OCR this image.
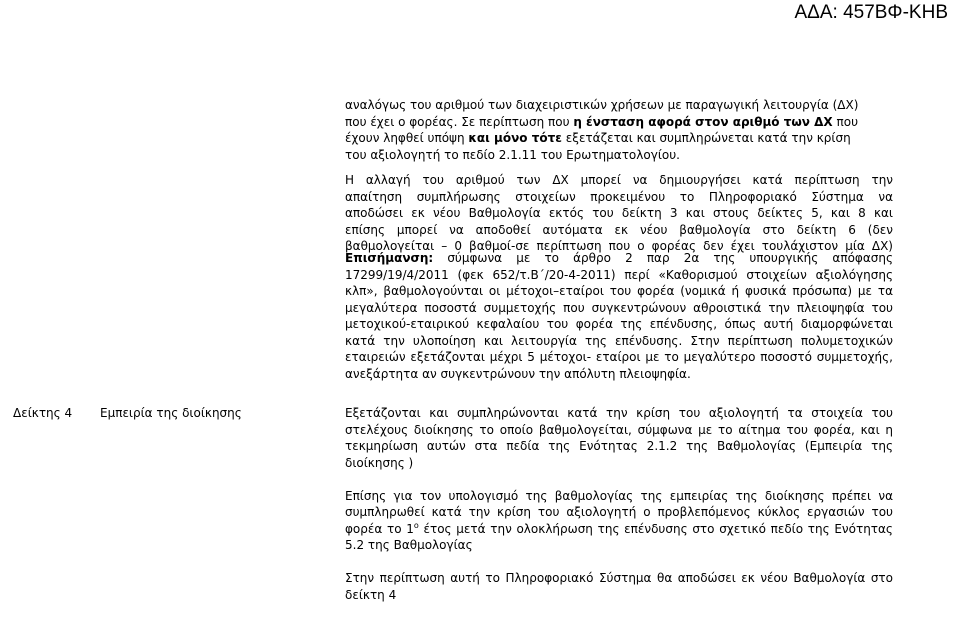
ΑΔΑ: 457ΒΦ-ΚΗΒ
αναλόγως του αριθμού των διαχειριστικών χρήσεων με παραγωγική λειτουργία (ΔΧ)
που έχει ο φορέας. Σε περίπτωση που η ένσταση αφορά στον αριθμό των ΔΧ που
έχουν ληφθεί υπόψη και μόνο τότε εξετάζεται και συμπληρώνεται κατά την κρίση
του αξιολογητή το πεδίο 2.1.11 του Ερωτηματολογίου.
Η αλλαγή του αριθμού των ΔΧ μπορεί να δημιουργήσει κατά περίπτωση την
απαίτηση συμπλήρωσης στοιχείων προκειμένου το Πληροφοριακό Σύστημα να
αποδώσει εκ νέου Βαθμολογία εκτός του δείκτη 3 και στους δείκτες 5, και 8 και
επίσης μπορεί να αποδοθεί αυτόματα εκ νέου βαθμολογία στο δείκτη 6 (δεν
βαθμολογείται – 0 βαθμοί-σε περίπτωση που ο φορέας δεν έχει τουλάχιστον μία ΔΧ)

Επισήμανση: σύμφωνα με το άρθρο 2 παρ 2α της υπουργικής απόφασης 17299/19/4/2011 (φεκ 652/τ.Β΄/20-4-2011) περί «Καθορισμού στοιχείων αξιολόγησης κλπ», βαθμολογούνται οι μέτοχοι–εταίροι του φορέα (νομικά ή φυσικά πρόσωπα) με τα μεγαλύτερα ποσοστά συμμετοχής που συγκεντρώνουν αθροιστικά την πλειοψηφία του μετοχικού-εταιρικού κεφαλαίου του φορέα της επένδυσης, όπως αυτή διαμορφώνεται κατά την υλοποίηση και λειτουργία της επένδυσης. Στην περίπτωση πολυμετοχικών εταιρειών εξετάζονται μέχρι 5 μέτοχοι- εταίροι με το μεγαλύτερο ποσοστό συμμετοχής, ανεξάρτητα αν συγκεντρώνουν την απόλυτη πλειοψηφία.

Δείκτης 4 Εμπειρία της διοίκησης	Εξετάζονται και συμπληρώνονται κατά την κρίση του αξιολογητή τα στοιχεία του στελέχους διοίκησης το οποίο βαθμολογείται, σύμφωνα με το αίτημα του φορέα, και η τεκμηρίωση αυτών στα πεδία της Ενότητας 2.1.2 της Βαθμολογίας (Εμπειρία της διοίκησης )

Επίσης για τον υπολογισμό της βαθμολογίας της εμπειρίας της διοίκησης πρέπει να συμπληρωθεί κατά την κρίση του αξιολογητή ο προβλεπόμενος κύκλος εργασιών του φορέα το $1^o$ έτος μετά την ολοκλήρωση της επένδυσης στο σχετικό πεδίο της Ενότητας 5.2 της Βαθμολογίας

Στην περίπτωση αυτή το Πληροφοριακό Σύστημα θα αποδώσει εκ νέου Βαθμολογία στο δείκτη 4
